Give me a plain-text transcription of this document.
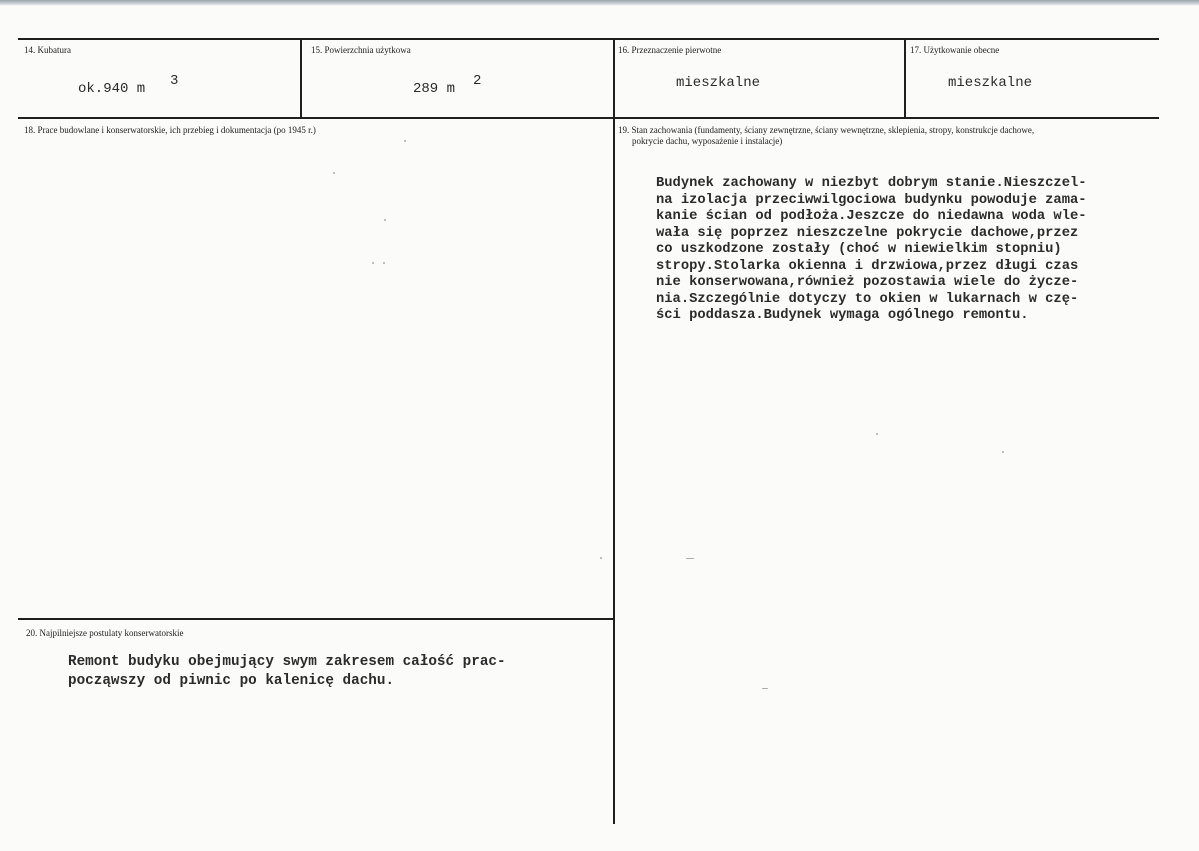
14. Kubatura
ok.940 m 3
15. Powierzchnia użytkowa
289 m 2
16. Przeznaczenie pierwotne
mieszkalne
17. Użytkowanie obecne
mieszkalne
18. Prace budowlane i konserwatorskie, ich przebieg i dokumentacja (po 1945 r.)	19. Stan zachowania (fundamenty, ściany zewnętrzne, ściany wewnętrzne, sklepienia, stropy, konstrukcje dachowe,
pokrycie dachu, wyposażenie i instalacje)
Budynek zachowany w niezbyt dobrym stanie.Nieszczel-
na izolacja przeciwwilgociowa budynku powoduje zama-
kanie ścian od podłoża.Jeszcze do niedawna woda wle-
wała się poprzez nieszczelne pokrycie dachowe,przez
co uszkodzone zostały (choć w niewielkim stopniu)
stropy.Stolarka okienna i drzwiowa,przez długi czas
nie konserwowana,również pozostawia wiele do życze-
nia.Szczególnie dotyczy to okien w lukarnach w czę-
ści poddasza.Budynek wymaga ogólnego remontu.
20. Najpilniejsze postulaty konserwatorskie
Remont budyku obejmujący swym zakresem całość prac-
począwszy od piwnic po kalenicę dachu.
